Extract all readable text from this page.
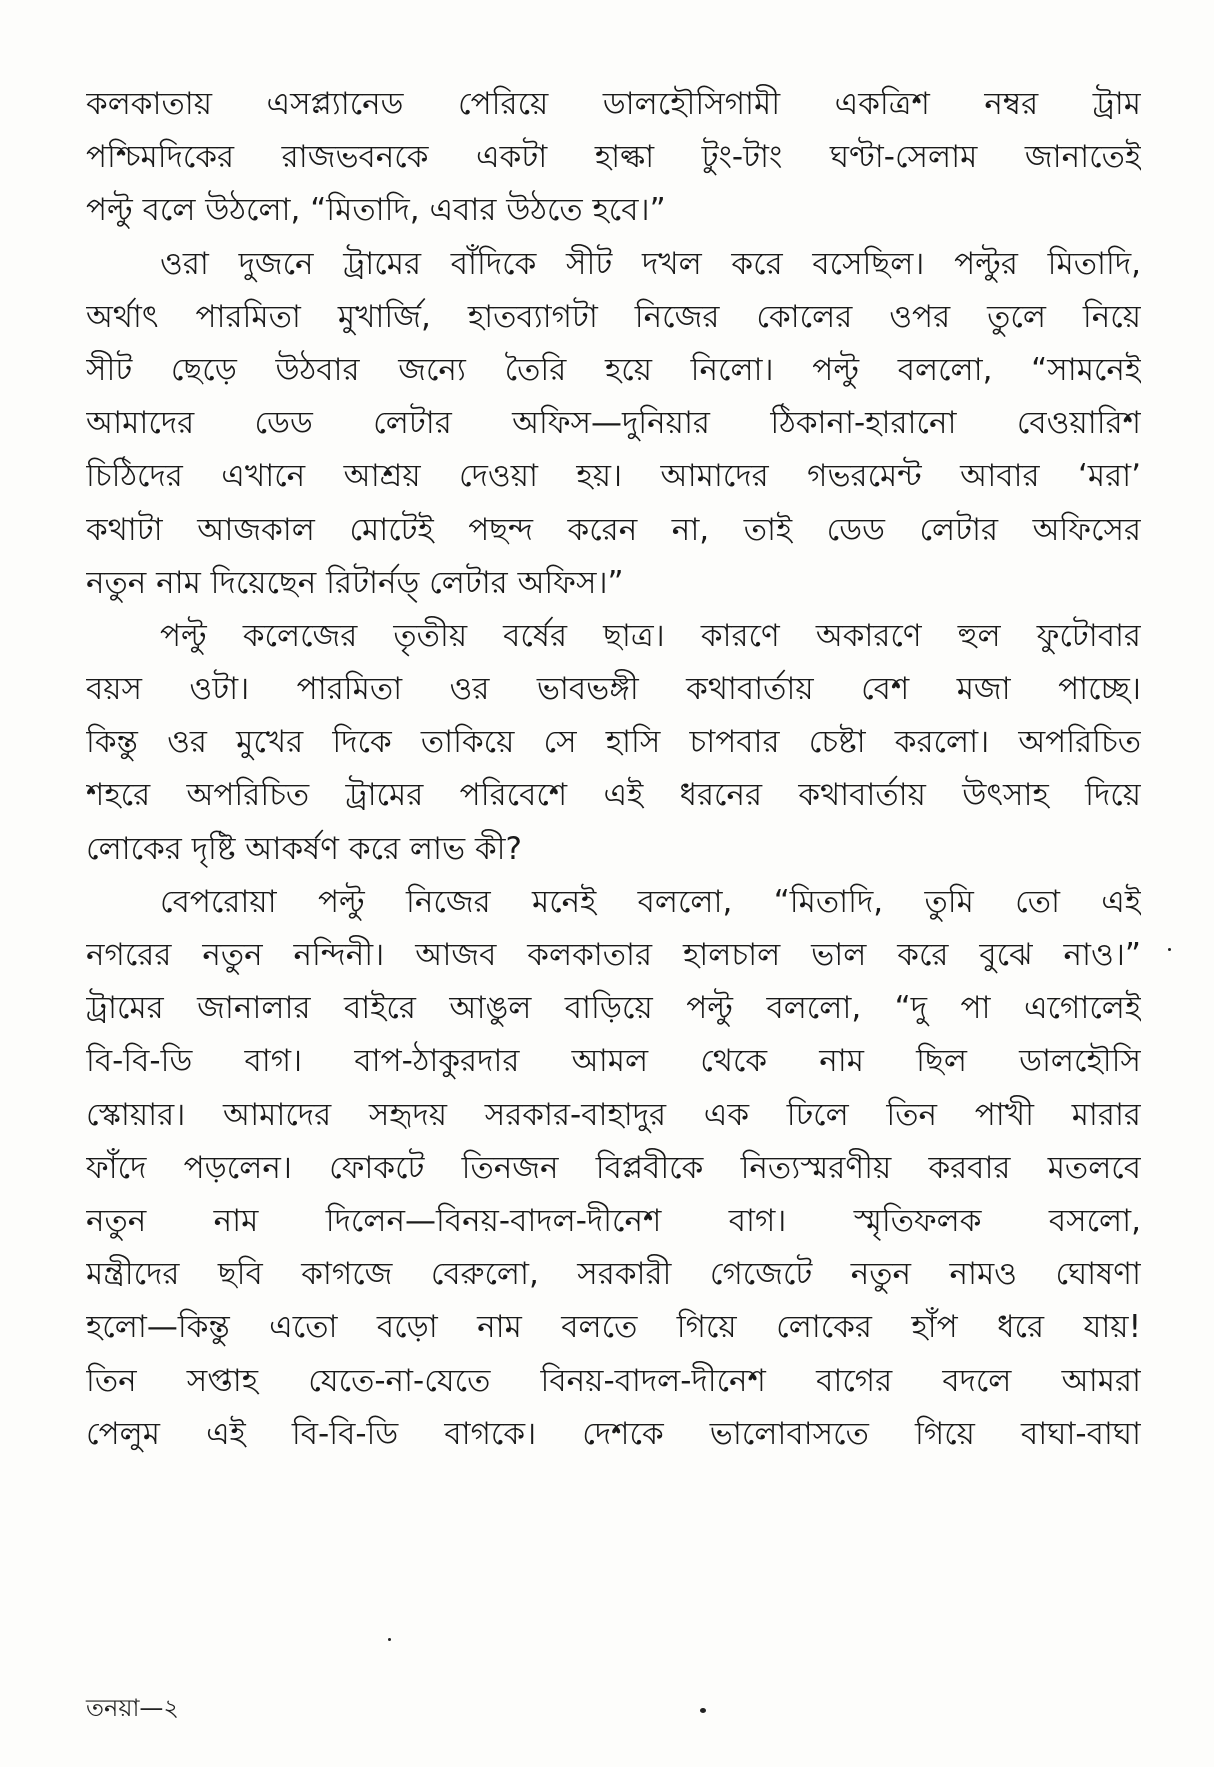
কলকাতায় এসপ্ল্যানেড পেরিয়ে ডালহৌসিগামী একত্রিশ নম্বর ট্রাম
পশ্চিমদিকের রাজভবনকে একটা হাল্কা টুং-টাং ঘণ্টা-সেলাম জানাতেই
পল্টু বলে উঠলো, “মিতাদি, এবার উঠতে হবে।”
ওরা দুজনে ট্রামের বাঁদিকে সীট দখল করে বসেছিল। পল্টুর মিতাদি,
অর্থাৎ পারমিতা মুখার্জি, হাতব্যাগটা নিজের কোলের ওপর তুলে নিয়ে
সীট ছেড়ে উঠবার জন্যে তৈরি হয়ে নিলো। পল্টু বললো, “সামনেই
আমাদের ডেড লেটার অফিস—দুনিয়ার ঠিকানা-হারানো বেওয়ারিশ
চিঠিদের এখানে আশ্রয় দেওয়া হয়। আমাদের গভরমেন্ট আবার ‘মরা’
কথাটা আজকাল মোটেই পছন্দ করেন না, তাই ডেড লেটার অফিসের
নতুন নাম দিয়েছেন রিটার্নড্ লেটার অফিস।”
পল্টু কলেজের তৃতীয় বর্ষের ছাত্র। কারণে অকারণে হুল ফুটোবার
বয়স ওটা। পারমিতা ওর ভাবভঙ্গী কথাবার্তায় বেশ মজা পাচ্ছে।
কিন্তু ওর মুখের দিকে তাকিয়ে সে হাসি চাপবার চেষ্টা করলো। অপরিচিত
শহরে অপরিচিত ট্রামের পরিবেশে এই ধরনের কথাবার্তায় উৎসাহ দিয়ে
লোকের দৃষ্টি আকর্ষণ করে লাভ কী?
বেপরোয়া পল্টু নিজের মনেই বললো, “মিতাদি, তুমি তো এই
নগরের নতুন নন্দিনী। আজব কলকাতার হালচাল ভাল করে বুঝে নাও।”
ট্রামের জানালার বাইরে আঙুল বাড়িয়ে পল্টু বললো, “দু পা এগোলেই
বি-বি-ডি বাগ। বাপ-ঠাকুরদার আমল থেকে নাম ছিল ডালহৌসি
স্কোয়ার। আমাদের সহৃদয় সরকার-বাহাদুর এক ঢিলে তিন পাখী মারার
ফাঁদে পড়লেন। ফোকটে তিনজন বিপ্লবীকে নিত্যস্মরণীয় করবার মতলবে
নতুন নাম দিলেন—বিনয়-বাদল-দীনেশ বাগ। স্মৃতিফলক বসলো,
মন্ত্রীদের ছবি কাগজে বেরুলো, সরকারী গেজেটে নতুন নামও ঘোষণা
হলো—কিন্তু এতো বড়ো নাম বলতে গিয়ে লোকের হাঁপ ধরে যায়!
তিন সপ্তাহ যেতে-না-যেতে বিনয়-বাদল-দীনেশ বাগের বদলে আমরা
পেলুম এই বি-বি-ডি বাগকে। দেশকে ভালোবাসতে গিয়ে বাঘা-বাঘা
তনয়া—২
